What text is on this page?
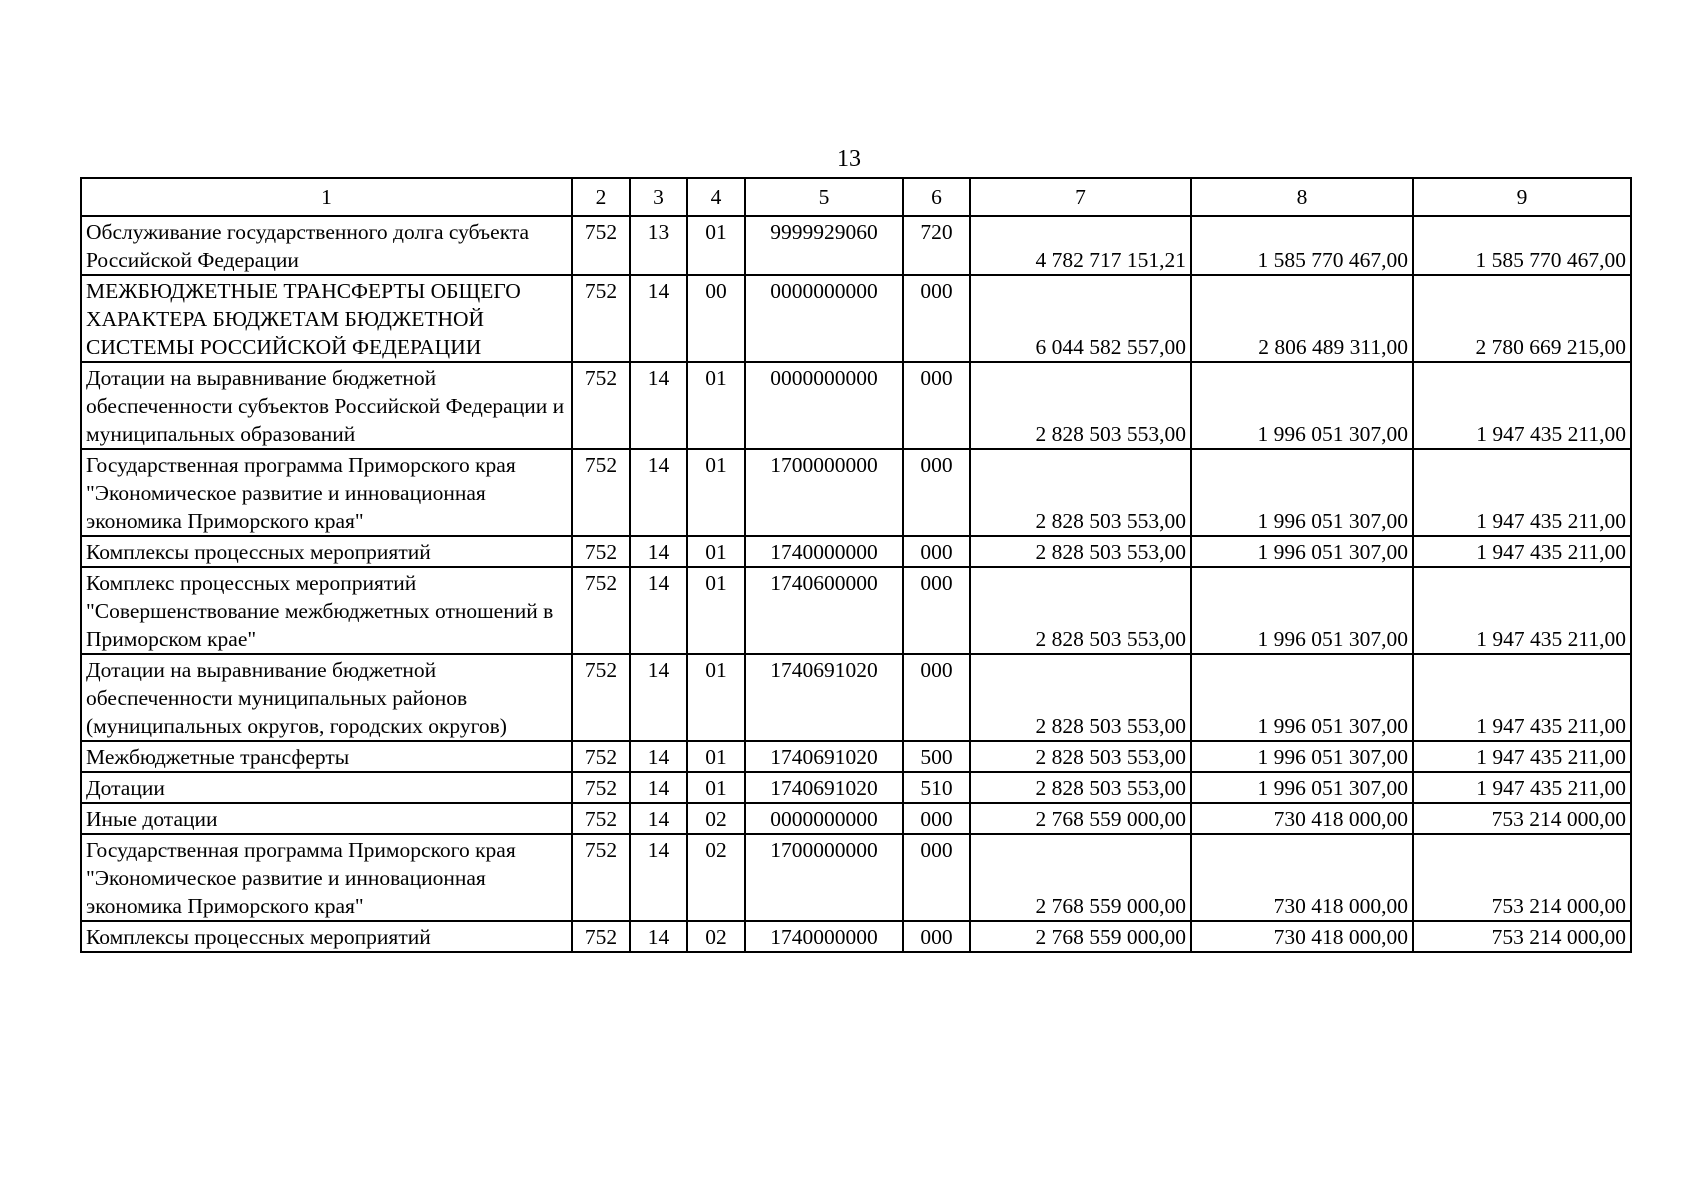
13
1	2	3	4	5	6	7	8	9
Обслуживание государственного долга субъекта Российской Федерации	752	13	01	9999929060	720	4 782 717 151,21	1 585 770 467,00	1 585 770 467,00
МЕЖБЮДЖЕТНЫЕ ТРАНСФЕРТЫ ОБЩЕГО ХАРАКТЕРА БЮДЖЕТАМ БЮДЖЕТНОЙ СИСТЕМЫ РОССИЙСКОЙ ФЕДЕРАЦИИ	752	14	00	0000000000	000	6 044 582 557,00	2 806 489 311,00	2 780 669 215,00
Дотации на выравнивание бюджетной обеспеченности субъектов Российской Федерации и муниципальных образований	752	14	01	0000000000	000	2 828 503 553,00	1 996 051 307,00	1 947 435 211,00
Государственная программа Приморского края "Экономическое развитие и инновационная экономика Приморского края"	752	14	01	1700000000	000	2 828 503 553,00	1 996 051 307,00	1 947 435 211,00
Комплексы процессных мероприятий	752	14	01	1740000000	000	2 828 503 553,00	1 996 051 307,00	1 947 435 211,00
Комплекс процессных мероприятий "Совершенствование межбюджетных отношений в Приморском крае"	752	14	01	1740600000	000	2 828 503 553,00	1 996 051 307,00	1 947 435 211,00
Дотации на выравнивание бюджетной обеспеченности муниципальных районов (муниципальных округов, городских округов)	752	14	01	1740691020	000	2 828 503 553,00	1 996 051 307,00	1 947 435 211,00
Межбюджетные трансферты	752	14	01	1740691020	500	2 828 503 553,00	1 996 051 307,00	1 947 435 211,00
Дотации	752	14	01	1740691020	510	2 828 503 553,00	1 996 051 307,00	1 947 435 211,00
Иные дотации	752	14	02	0000000000	000	2 768 559 000,00	730 418 000,00	753 214 000,00
Государственная программа Приморского края "Экономическое развитие и инновационная экономика Приморского края"	752	14	02	1700000000	000	2 768 559 000,00	730 418 000,00	753 214 000,00
Комплексы процессных мероприятий	752	14	02	1740000000	000	2 768 559 000,00	730 418 000,00	753 214 000,00
